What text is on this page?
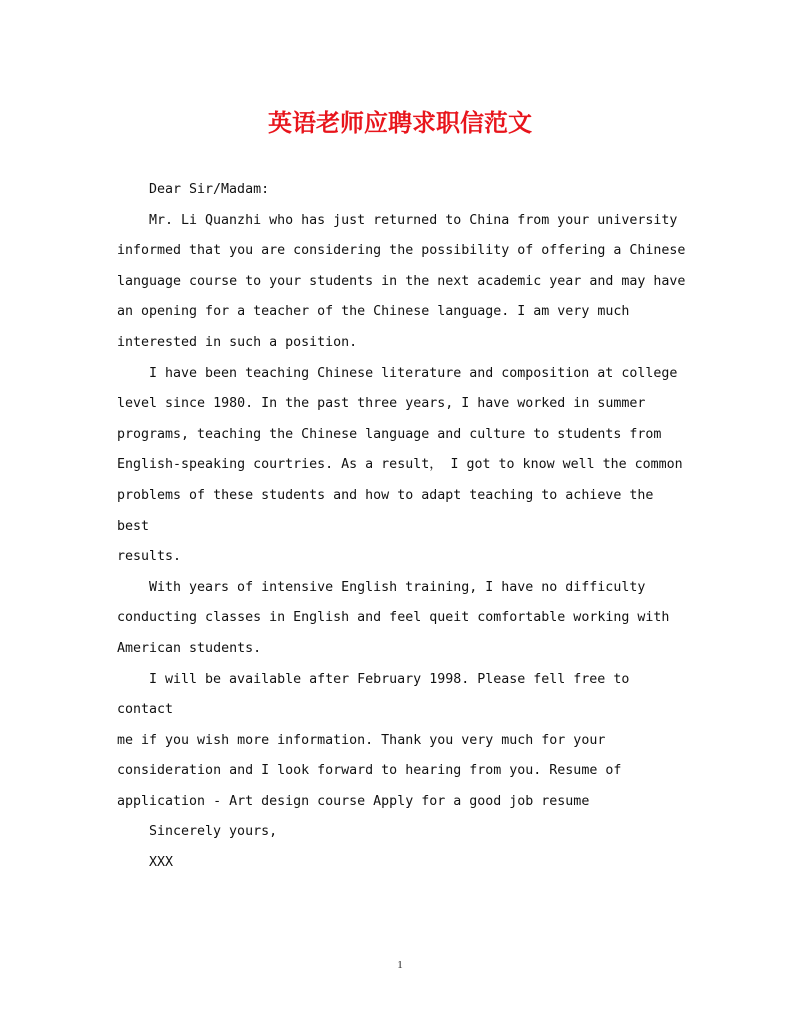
英语老师应聘求职信范文

Dear Sir/Madam:

Mr. Li Quanzhi who has just returned to China from your university
informed that you are considering the possibility of offering a Chinese
language course to your students in the next academic year and may have
an opening for a teacher of the Chinese language. I am very much
interested in such a position.

I have been teaching Chinese literature and composition at college
level since 1980. In the past three years, I have worked in summer
programs, teaching the Chinese language and culture to students from
English-speaking courtries. As a result， I got to know well the common
problems of these students and how to adapt teaching to achieve the best
results.

With years of intensive English training, I have no difficulty
conducting classes in English and feel queit comfortable working with
American students.

I will be available after February 1998. Please fell free to contact
me if you wish more information. Thank you very much for your
consideration and I look forward to hearing from you. Resume of
application - Art design course Apply for a good job resume

Sincerely yours,

XXX

1
